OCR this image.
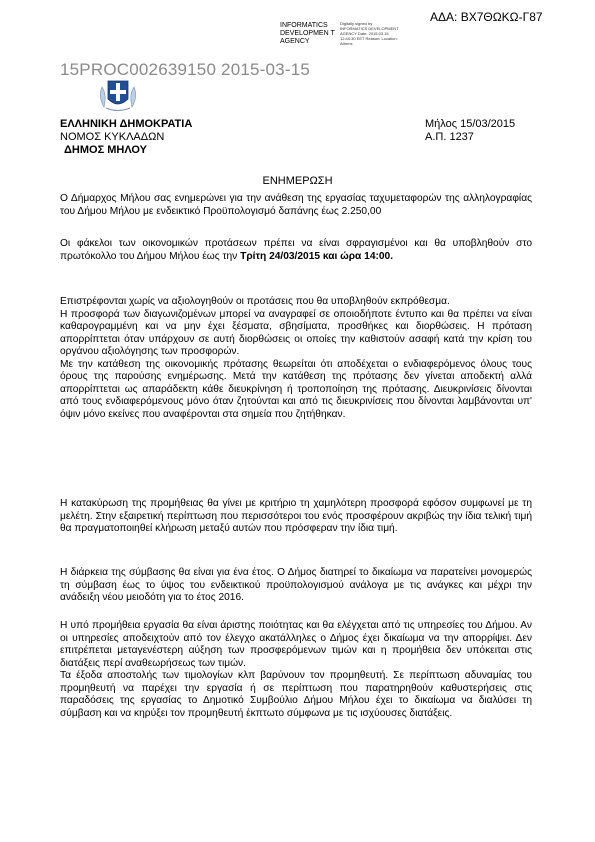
ΑΔΑ: ΒΧ7ΘΩΚΩ-Γ87
INFORMATICS DEVELOPMEN T AGENCY
Digitally signed by INFORMATICS DEVELOPMENT AGENCY Date: 2015.03.15 12:44:30 EET Reason: Location: Athens
15PROC002639150 2015-03-15
ΕΛΛΗΝΙΚΗ ΔΗΜΟΚΡΑΤΙΑ
ΝΟΜΟΣ ΚΥΚΛΑΔΩΝ
ΔΗΜΟΣ ΜΗΛΟΥ
Μήλος 15/03/2015
Α.Π. 1237
ΕΝΗΜΕΡΩΣΗ

Ο Δήμαρχος Μήλου σας ενημερώνει για την ανάθεση της εργασίας ταχυμεταφορών της αλληλογραφίας του Δήμου Μήλου με ενδεικτικό Προϋπολογισμό δαπάνης έως 2.250,00

Οι φάκελοι των οικονομικών προτάσεων πρέπει να είναι σφραγισμένοι και θα υποβληθούν στο πρωτόκολλο του Δήμου Μήλου έως την Τρίτη 24/03/2015 και ώρα 14:00.

Επιστρέφονται χωρίς να αξιολογηθούν οι προτάσεις που θα υποβληθούν εκπρόθεσμα.

Η προσφορά των διαγωνιζομένων μπορεί να αναγραφεί σε οποιοδήποτε έντυπο και θα πρέπει να είναι καθαρογραμμένη και να μην έχει ξέσματα, σβησίματα, προσθήκες και διορθώσεις. Η πρόταση απορρίπτεται όταν υπάρχουν σε αυτή διορθώσεις οι οποίες την καθιστούν ασαφή κατά την κρίση του οργάνου αξιολόγησης των προσφορών.

Με την κατάθεση της οικονομικής πρότασης θεωρείται ότι αποδέχεται ο ενδιαφερόμενος όλους τους όρους της παρούσης ενημέρωσης. Μετά την κατάθεση της πρότασης δεν γίνεται αποδεκτή αλλά απορρίπτεται ως απαράδεκτη κάθε διευκρίνηση ή τροποποίηση της πρότασης. Διευκρινίσεις δίνονται από τους ενδιαφερόμενους μόνο όταν ζητούνται και από τις διευκρινίσεις που δίνονται λαμβάνονται υπ' όψιν μόνο εκείνες που αναφέρονται στα σημεία που ζητήθηκαν.

Η κατακύρωση της προμήθειας θα γίνει με κριτήριο τη χαμηλότερη προσφορά εφόσον συμφωνεί με τη μελέτη. Στην εξαιρετική περίπτωση που περισσότεροι του ενός προσφέρουν ακριβώς την ίδια τελική τιμή θα πραγματοποιηθεί κλήρωση μεταξύ αυτών που πρόσφεραν την ίδια τιμή.

Η διάρκεια της σύμβασης θα είναι για ένα έτος. Ο Δήμος διατηρεί το δικαίωμα να παρατείνει μονομερώς τη σύμβαση έως το ύψος του ενδεικτικού προϋπολογισμού ανάλογα με τις ανάγκες και μέχρι την ανάδειξη νέου μειοδότη για το έτος 2016.

Η υπό προμήθεια εργασία θα είναι άριστης ποιότητας και θα ελέγχεται από τις υπηρεσίες του Δήμου. Αν οι υπηρεσίες αποδειχτούν από τον έλεγχο ακατάλληλες ο Δήμος έχει δικαίωμα να την απορρίψει. Δεν επιτρέπεται μεταγενέστερη αύξηση των προσφερόμενων τιμών και η προμήθεια δεν υπόκειται στις διατάξεις περί αναθεωρήσεως των τιμών.

Τα έξοδα αποστολής των τιμολογίων κλπ βαρύνουν τον προμηθευτή. Σε περίπτωση αδυναμίας του προμηθευτή να παρέχει την εργασία ή σε περίπτωση που παρατηρηθούν καθυστερήσεις στις παραδόσεις της εργασίας το Δημοτικό Συμβούλιο Δήμου Μήλου έχει το δικαίωμα να διαλύσει τη σύμβαση και να κηρύξει τον προμηθευτή έκπτωτο σύμφωνα με τις ισχύουσες διατάξεις.
